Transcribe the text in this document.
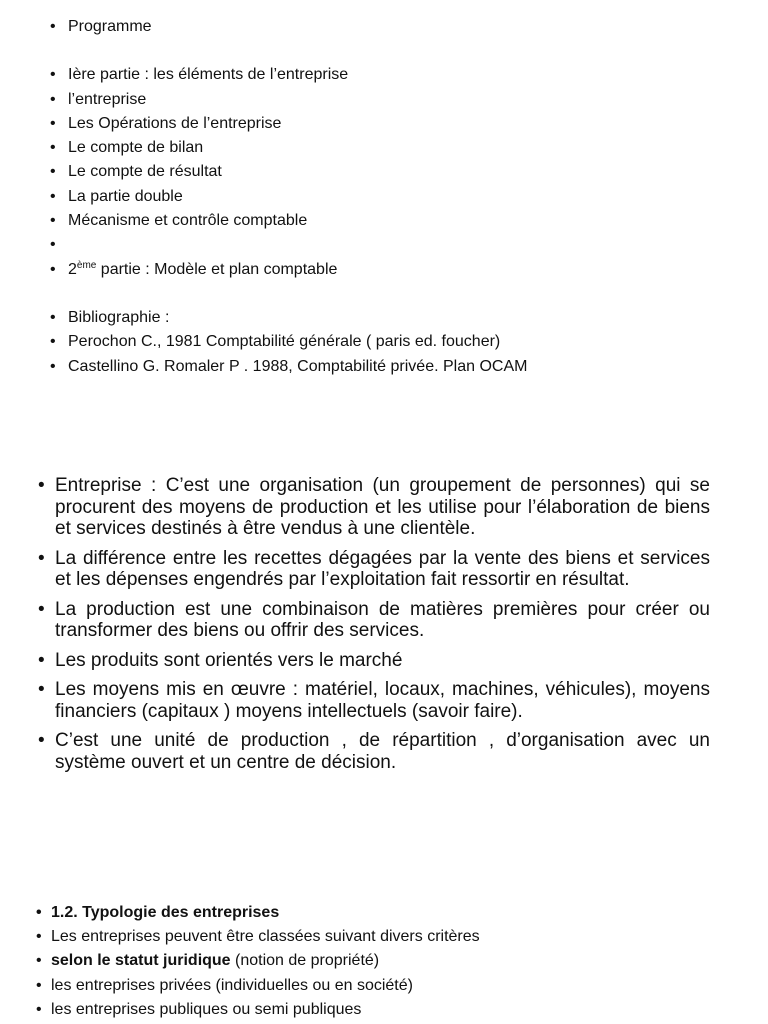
• Programme
• Ière partie : les éléments de l’entreprise
• l’entreprise
• Les Opérations de l’entreprise
• Le compte de bilan
• Le compte de résultat
• La partie double
• Mécanisme et contrôle comptable
•
• 2ème partie : Modèle et plan comptable
• Bibliographie :
• Perochon C., 1981 Comptabilité générale ( paris ed. foucher)
• Castellino G. Romaler P . 1988, Comptabilité privée. Plan OCAM
• Entreprise : C’est une organisation (un groupement de personnes) qui se procurent des moyens de production et les utilise pour l’élaboration de biens et services destinés à être vendus à une clientèle.
• La différence entre les recettes dégagées par la vente des biens et services et les dépenses engendrés par l’exploitation fait ressortir en résultat.
• La production est une combinaison de matières premières pour créer ou transformer des biens ou offrir des services.
• Les produits sont orientés vers le marché
• Les moyens mis en œuvre : matériel, locaux, machines, véhicules), moyens financiers (capitaux ) moyens intellectuels (savoir faire).
• C’est une unité de production , de répartition , d’organisation avec un système ouvert et un centre de décision.
• 1.2. Typologie des entreprises
• Les entreprises peuvent être classées suivant divers critères
• selon le statut juridique (notion de propriété)
• les entreprises privées (individuelles ou en société)
• les entreprises publiques ou semi publiques
